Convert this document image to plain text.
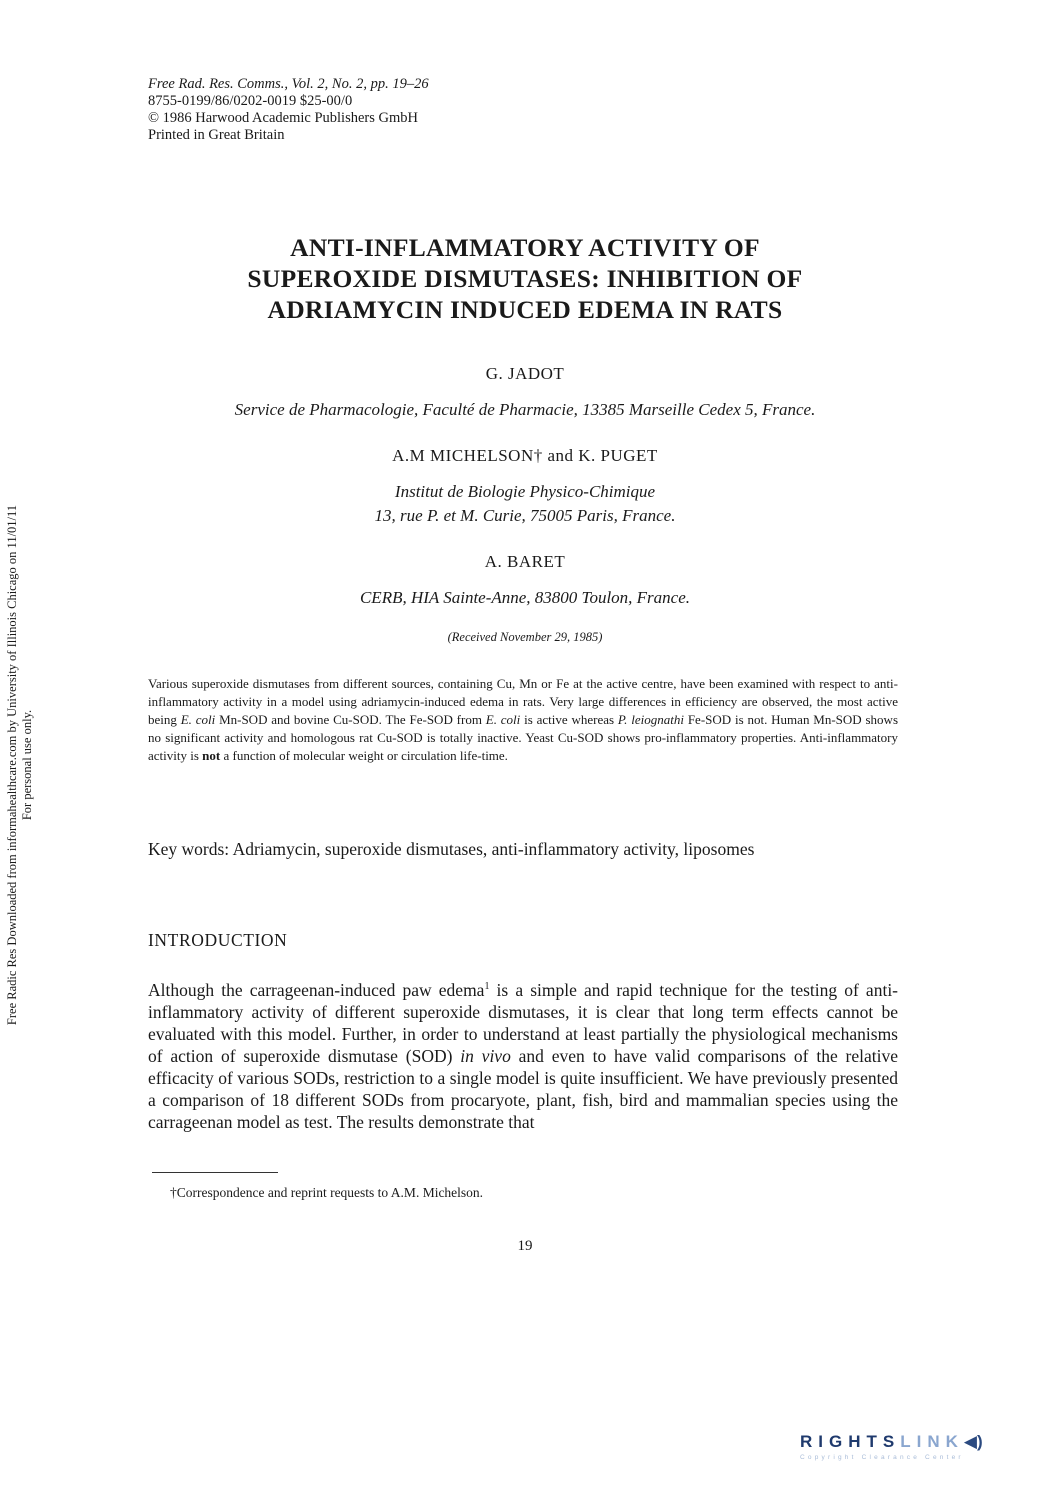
Free Rad. Res. Comms., Vol. 2, No. 2, pp. 19–26
8755-0199/86/0202-0019 $25-00/0
© 1986 Harwood Academic Publishers GmbH
Printed in Great Britain
ANTI-INFLAMMATORY ACTIVITY OF
SUPEROXIDE DISMUTASES: INHIBITION OF
ADRIAMYCIN INDUCED EDEMA IN RATS
G. JADOT
Service de Pharmacologie, Faculté de Pharmacie, 13385 Marseille Cedex 5, France.
A.M MICHELSON† and K. PUGET
Institut de Biologie Physico-Chimique
13, rue P. et M. Curie, 75005 Paris, France.
A. BARET
CERB, HIA Sainte-Anne, 83800 Toulon, France.
(Received November 29, 1985)

Various superoxide dismutases from different sources, containing Cu, Mn or Fe at the active centre, have been examined with respect to anti-inflammatory activity in a model using adriamycin-induced edema in rats. Very large differences in efficiency are observed, the most active being E. coli Mn-SOD and bovine Cu-SOD. The Fe-SOD from E. coli is active whereas P. leiognathi Fe-SOD is not. Human Mn-SOD shows no significant activity and homologous rat Cu-SOD is totally inactive. Yeast Cu-SOD shows pro-inflammatory properties. Anti-inflammatory activity is not a function of molecular weight or circulation life-time.

Key words: Adriamycin, superoxide dismutases, anti-inflammatory activity, liposomes

INTRODUCTION

Although the carrageenan-induced paw edema$^1$ is a simple and rapid technique for the testing of anti-inflammatory activity of different superoxide dismutases, it is clear that long term effects cannot be evaluated with this model. Further, in order to understand at least partially the physiological mechanisms of action of superoxide dismutase (SOD) in vivo and even to have valid comparisons of the relative efficacity of various SODs, restriction to a single model is quite insufficient. We have previously presented a comparison of 18 different SODs from procaryote, plant, fish, bird and mammalian species using the carrageenan model as test. The results demonstrate that

†Correspondence and reprint requests to A.M. Michelson.
19
Free Radic Res Downloaded from informahealthcare.com by University of Illinois Chicago on 11/01/11 For personal use only.
RIGHTSLINK◀)
Copyright Clearance Center
